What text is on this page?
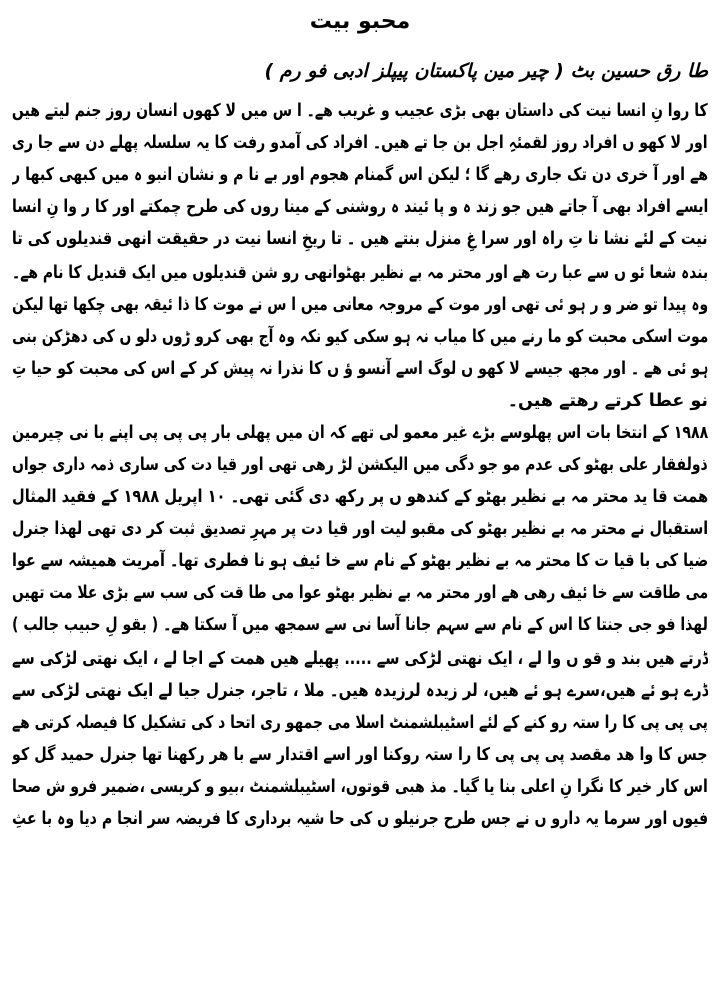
محبو بیت
طا رق حسین بٹ ( چیر مین پاکستان پیپلز ادبی فو رم )
کا روا نِ انسا نیت کی داستان بھی بڑی عجیب و غریب ھے۔ ا س میں لا کھوں انسان روز جنم لیتے ھیں
اور لا کھو ں افراد روز لقمئہِ اجل بن جا تے ھیں۔ افراد کی آمدو رفت کا یہ سلسلہ پھلے دن سے جا ری
ھے اور آ خری دن تک جاری رھے گا ؛ لیکن اس گمنام ھجوم اور بے نا م و نشان انبو ہ میں کبھی کبھا ر
ایسے افراد بھی آ جاتے ھیں جو زند ہ و پا ئیند ہ روشنی کے مینا روں کی طرح چمکتے اور کا ر وا نِ انسا
نیت کے لئے نشا نا تِ راہ اور سرا غِ منزل بنتے ھیں ۔ تا ریخِ انسا نیت در حقیقت انھی قندیلوں کی تا
بندہ شعا ئو ں سے عبا رت ھے اور محتر مہ بے نظیر بھٹوانھی رو شن قندیلوں میں ایک قندیل کا نام ھے۔
وہ پیدا تو ضر و ر ہو ئی تھی اور موت کے مروجہ معانی میں ا س نے موت کا ذا ئیقہ بھی چکھا تھا لیکن
موت اسکی محبت کو ما رنے میں کا میاب نہ ہو سکی کیو نکہ وہ آج بھی کرو ڑوں دلو ں کی دھڑکن بنی
ہو ئی ھے ۔ اور مجھ جیسے لا کھو ں لوگ اسے آنسو ؤ ں کا نذرا نہ پیش کر کے اس کی محبت کو حیا تِ
نو عطا کرتے رھتے ھیں۔
۱۹۸۸ کے انتخا بات اس پھلوسے بڑے غیر معمو لی تھے کہ ان میں پھلی بار پی پی پی اپنے با نی چیرمین
ذولفقار علی بھٹو کی عدم مو جو دگی میں الیکشن لڑ رھی تھی اور قیا دت کی ساری ذمہ داری جواں
ھمت قا ید محتر مہ بے نظیر بھٹو کے کندھو ں پر رکھ دی گئی تھی۔ ۱۰ اپریل ۱۹۸۸ کے فقید المثال
استقبال نے محتر مہ بے نظیر بھٹو کی مقبو لیت اور قیا دت پر مہرِ تصدیق ثبت کر دی تھی لھذا جنرل
ضیا کی با قیا ت کا محتر مہ بے نظیر بھٹو کے نام سے خا ئیف ہو نا فطری تھا۔ آمریت ھمیشہ سے عوا
می طاقت سے خا ئیف رھی ھے اور محتر مہ بے نظیر بھٹو عوا می طا قت کی سب سے بڑی علا مت تھیں
لھذا فو جی جنتا کا اس کے نام سے سہم جانا آسا نی سے سمجھ میں آ سکتا ھے۔ ( بقو لِ حبیب جالب )
ڈرتے ھیں بند و قو ں وا لے ، ایک نھتی لڑکی سے ..... پھیلے ھیں ھمت کے اجا لے ، ایک نھتی لڑکی سے
ڈرے ہو ئے ھیں،سرے ہو ئے ھیں، لر زیدہ لرزیدہ ھیں۔ ملا ، تاجر، جنرل جیا لے ایک نھتی لڑکی سے
پی پی پی کا را ستہ رو کنے کے لئے اسٹیبلشمنٹ اسلا می جمھو ری اتحا د کی تشکیل کا فیصلہ کرتی ھے
جس کا وا ھد مقصد پی پی پی کا را ستہ روکنا اور اسے اقتدار سے با ھر رکھنا تھا جنرل حمید گل کو
اس کار خیر کا نگرا نِ اعلی بنا یا گیا۔ مذ ھبی قوتوں، اسٹیبلشمنٹ ،بیو و کریسی ،ضمیر فرو ش صحا
فیوں اور سرما یہ دارو ں نے جس طرح جرنیلو ں کی حا شیہ برداری کا فریضہ سر انجا م دیا وہ با عثِ
